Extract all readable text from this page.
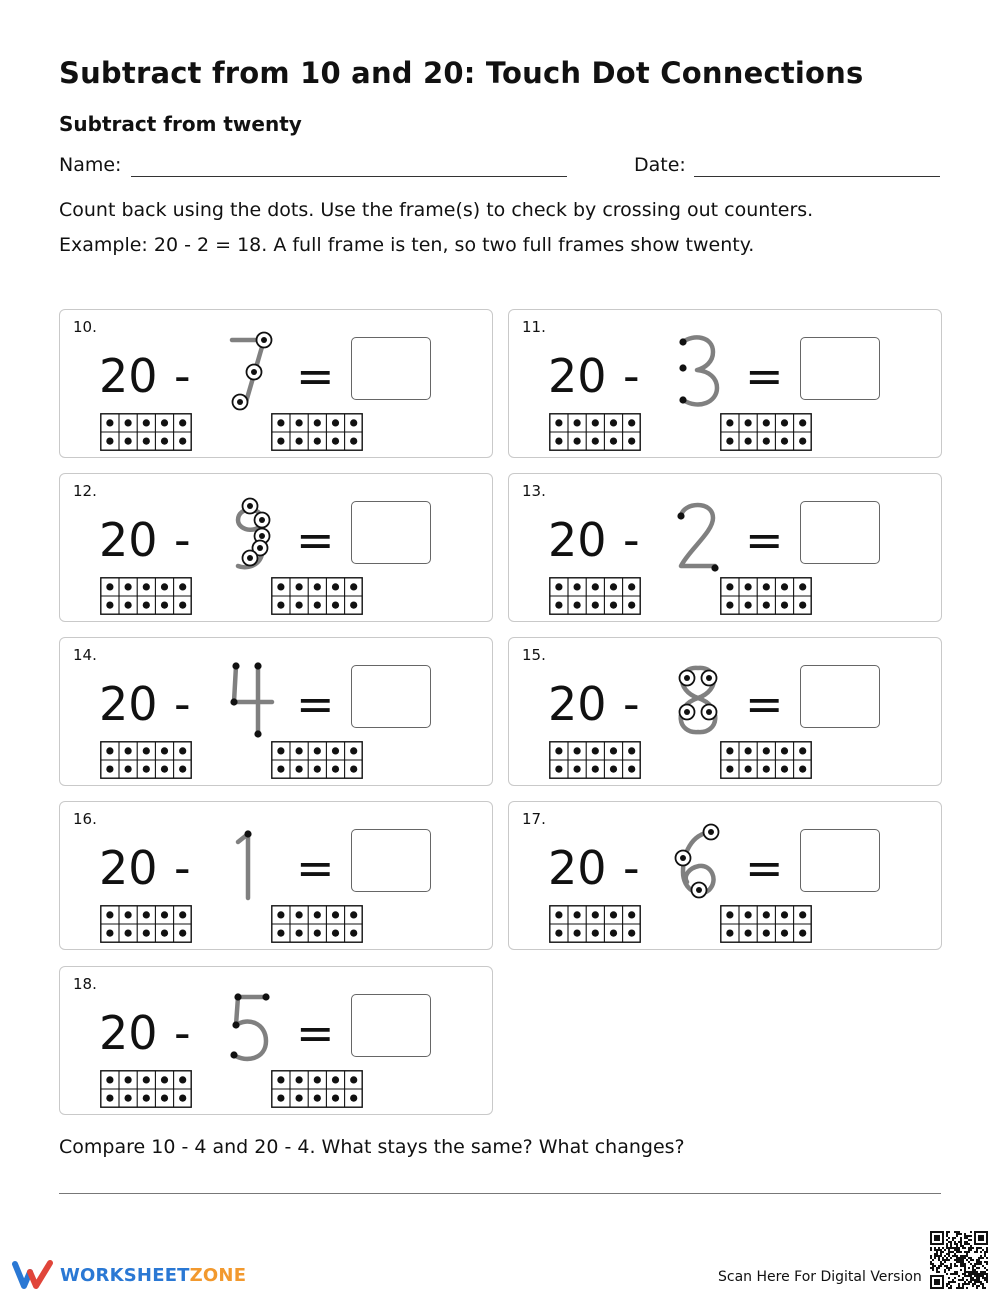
Subtract from 10 and 20: Touch Dot Connections
Subtract from twenty
Name:	Date:
Count back using the dots. Use the frame(s) to check by crossing out counters.
Example: 20 - 2 = 18. A full frame is ten, so two full frames show twenty.
10.
20 - =
11.
20 - =
12.
20 - =
13.
20 - =
14.
20 - =
15.
20 - =
16.
20 - =
17.
20 - =
18.
20 - =
Compare 10 - 4 and 20 - 4. What stays the same? What changes?
WORKSHEETZONE	Scan Here For Digital Version
